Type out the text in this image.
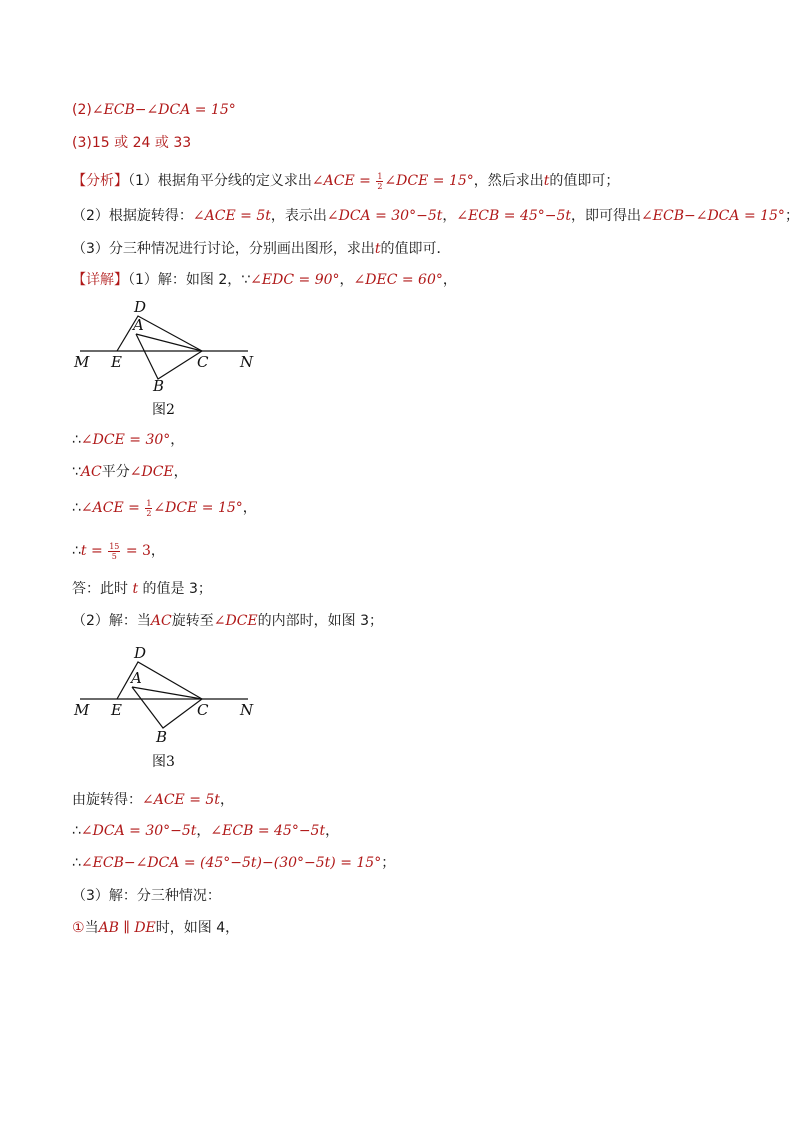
(2)∠ECB−∠DCA = 15°
(3)15 或 24 或 33
【分析】（1）根据角平分线的定义求出∠ACE = $\frac{1}{2}$ ∠DCE = 15°，然后求出t的值即可；
（2）根据旋转得：∠ACE = 5t，表示出∠DCA = 30°−5t，∠ECB = 45°−5t，即可得出∠ECB−∠DCA = 15°；
（3）分三种情况进行讨论，分别画出图形，求出t的值即可．
【详解】（1）解：如图 2，∵∠EDC = 90°，∠DEC = 60°，
D
A
M E	C N
B
图2
∴∠DCE = 30°，
∵AC平分∠DCE，
∴∠ACE = $\frac{1}{2}$ ∠DCE = 15°，
∴t = $\frac{15}{5} = 3$，
答：此时 t 的值是 3；
（2）解：当AC旋转至∠DCE的内部时，如图 3；
D
A
M E	C N
B
图3
由旋转得：∠ACE = 5t，
∴∠DCA = 30°−5t，∠ECB = 45°−5t，
∴∠ECB−∠DCA = (45°−5t)−(30°−5t) = 15°；
（3）解：分三种情况：
①当AB ∥ DE时，如图 4，
